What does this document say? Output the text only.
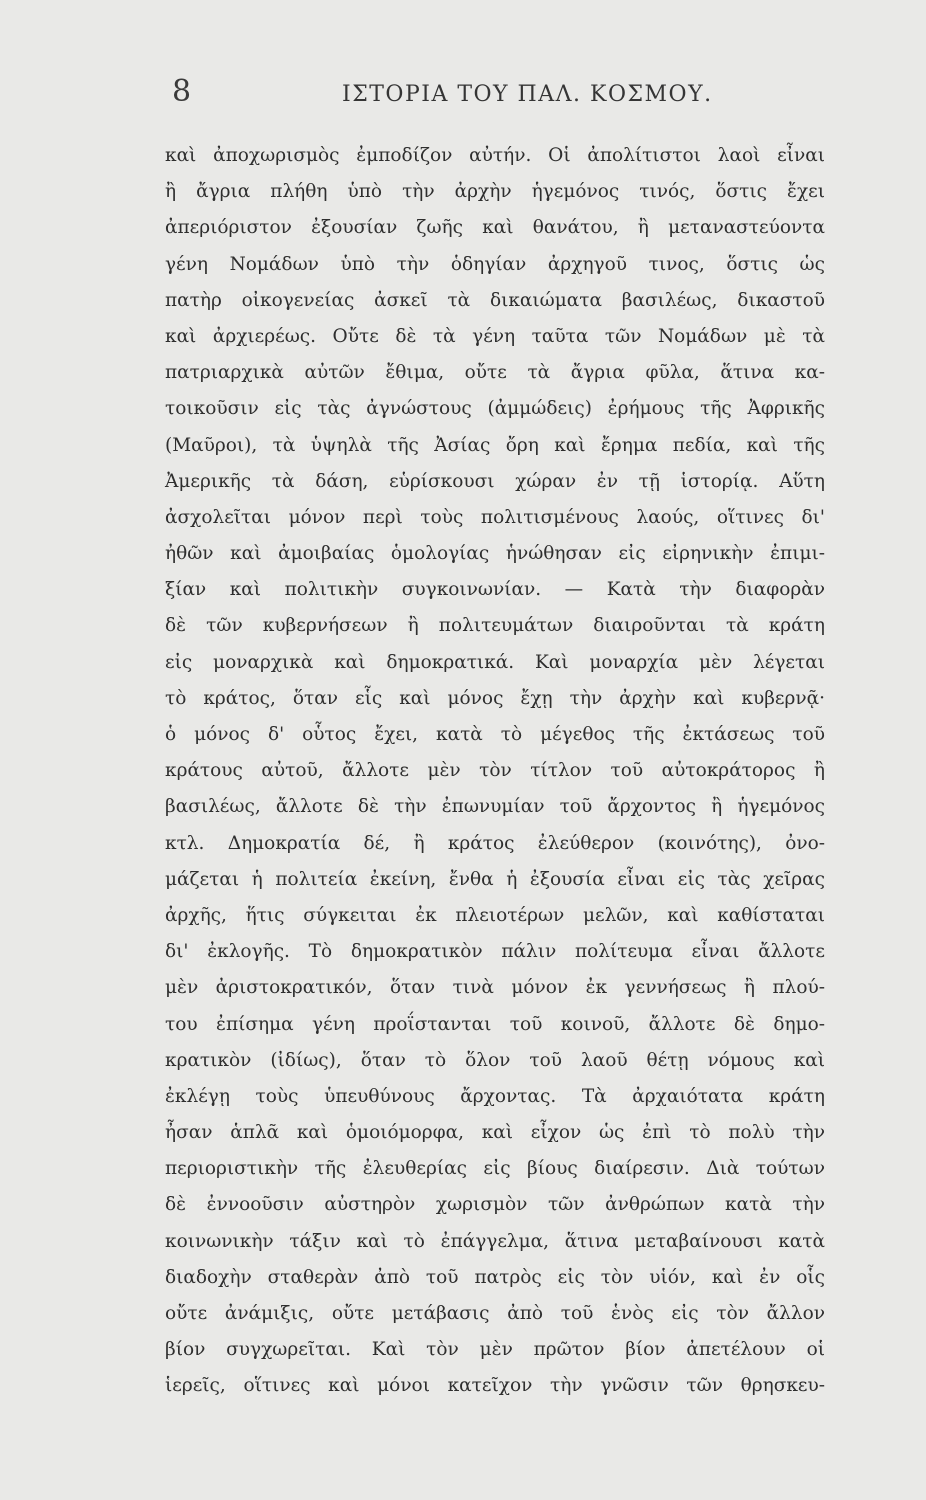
8	ΙΣΤΟΡΙΑ ΤΟΥ ΠΑΛ. ΚΟΣΜΟΥ.
καὶ ἀποχωρισμὸς ἐμποδίζον αὐτήν. Οἱ ἀπολίτιστοι λαοὶ εἶναι
ἢ ἄγρια πλήθη ὑπὸ τὴν ἀρχὴν ἡγεμόνος τινός, ὅστις ἔχει
ἀπεριόριστον ἐξουσίαν ζωῆς καὶ θανάτου, ἢ μεταναστεύοντα
γένη Νομάδων ὑπὸ τὴν ὁδηγίαν ἀρχηγοῦ τινος, ὅστις ὡς
πατὴρ οἰκογενείας ἀσκεῖ τὰ δικαιώματα βασιλέως, δικαστοῦ
καὶ ἀρχιερέως. Οὔτε δὲ τὰ γένη ταῦτα τῶν Νομάδων μὲ τὰ
πατριαρχικὰ αὐτῶν ἔθιμα, οὔτε τὰ ἄγρια φῦλα, ἅτινα κα-
τοικοῦσιν εἰς τὰς ἀγνώστους (ἀμμώδεις) ἐρήμους τῆς Ἀφρικῆς
(Μαῦροι), τὰ ὑψηλὰ τῆς Ἀσίας ὄρη καὶ ἔρημα πεδία, καὶ τῆς
Ἀμερικῆς τὰ δάση, εὑρίσκουσι χώραν ἐν τῇ ἱστορίᾳ. Αὕτη
ἀσχολεῖται μόνον περὶ τοὺς πολιτισμένους λαούς, οἵτινες δι'
ἠθῶν καὶ ἀμοιβαίας ὁμολογίας ἡνώθησαν εἰς εἰρηνικὴν ἐπιμι-
ξίαν καὶ πολιτικὴν συγκοινωνίαν. — Κατὰ τὴν διαφορὰν
δὲ τῶν κυβερνήσεων ἢ πολιτευμάτων διαιροῦνται τὰ κράτη
εἰς μοναρχικὰ καὶ δημοκρατικά. Καὶ μοναρχία μὲν λέγεται
τὸ κράτος, ὅταν εἷς καὶ μόνος ἔχῃ τὴν ἀρχὴν καὶ κυβερνᾷ·
ὁ μόνος δ' οὗτος ἔχει, κατὰ τὸ μέγεθος τῆς ἐκτάσεως τοῦ
κράτους αὐτοῦ, ἄλλοτε μὲν τὸν τίτλον τοῦ αὐτοκράτορος ἢ
βασιλέως, ἄλλοτε δὲ τὴν ἐπωνυμίαν τοῦ ἄρχοντος ἢ ἡγεμόνος
κτλ. Δημοκρατία δέ, ἢ κράτος ἐλεύθερον (κοινότης), ὀνο-
μάζεται ἡ πολιτεία ἐκείνη, ἔνθα ἡ ἐξουσία εἶναι εἰς τὰς χεῖρας
ἀρχῆς, ἥτις σύγκειται ἐκ πλειοτέρων μελῶν, καὶ καθίσταται
δι' ἐκλογῆς. Τὸ δημοκρατικὸν πάλιν πολίτευμα εἶναι ἄλλοτε
μὲν ἀριστοκρατικόν, ὅταν τινὰ μόνον ἐκ γεννήσεως ἢ πλού-
του ἐπίσημα γένη προΐστανται τοῦ κοινοῦ, ἄλλοτε δὲ δημο-
κρατικὸν (ἰδίως), ὅταν τὸ ὅλον τοῦ λαοῦ θέτῃ νόμους καὶ
ἐκλέγῃ τοὺς ὑπευθύνους ἄρχοντας. Τὰ ἀρχαιότατα κράτη
ἦσαν ἁπλᾶ καὶ ὁμοιόμορφα, καὶ εἶχον ὡς ἐπὶ τὸ πολὺ τὴν
περιοριστικὴν τῆς ἐλευθερίας εἰς βίους διαίρεσιν. Διὰ τούτων
δὲ ἐννοοῦσιν αὐστηρὸν χωρισμὸν τῶν ἀνθρώπων κατὰ τὴν
κοινωνικὴν τάξιν καὶ τὸ ἐπάγγελμα, ἅτινα μεταβαίνουσι κατὰ
διαδοχὴν σταθερὰν ἀπὸ τοῦ πατρὸς εἰς τὸν υἱόν, καὶ ἐν οἷς
οὔτε ἀνάμιξις, οὔτε μετάβασις ἀπὸ τοῦ ἑνὸς εἰς τὸν ἄλλον
βίον συγχωρεῖται. Καὶ τὸν μὲν πρῶτον βίον ἀπετέλουν οἱ
ἱερεῖς, οἵτινες καὶ μόνοι κατεῖχον τὴν γνῶσιν τῶν θρησκευ-
